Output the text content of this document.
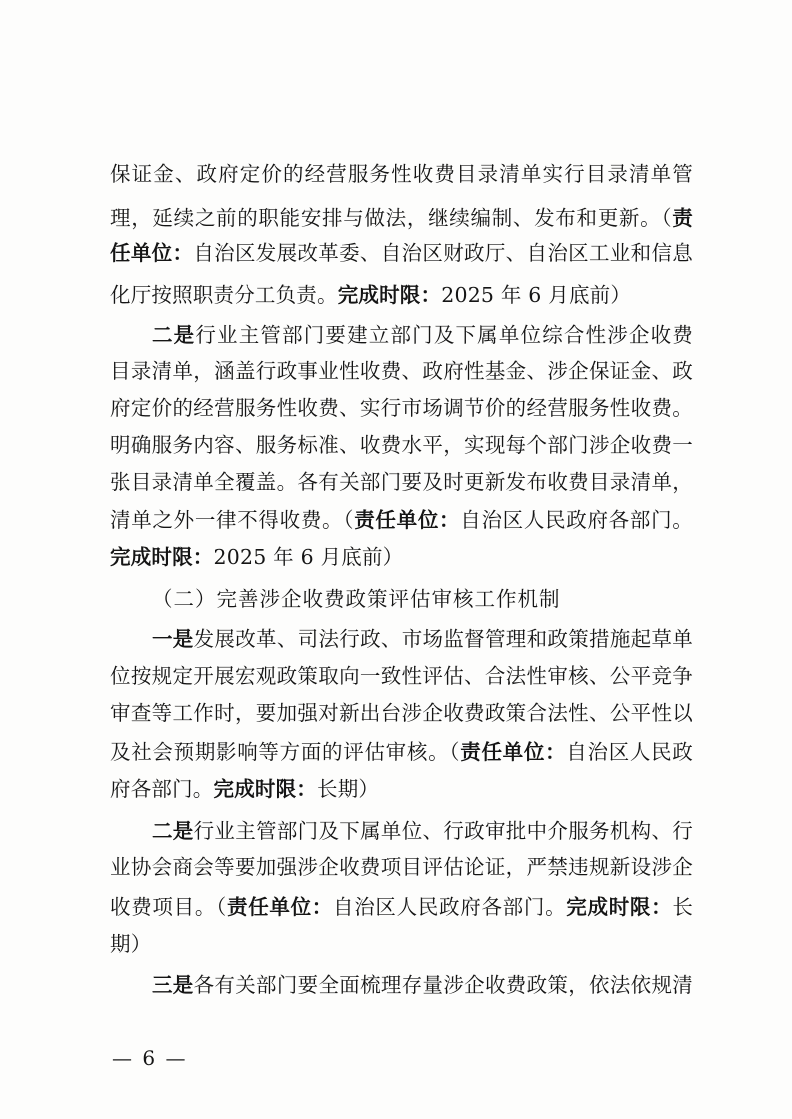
保证金、政府定价的经营服务性收费目录清单实行目录清单管
理，延续之前的职能安排与做法，继续编制、发布和更新。（责
任单位：自治区发展改革委、自治区财政厅、自治区工业和信息
化厅按照职责分工负责。完成时限：2025 年 6 月底前）
二是行业主管部门要建立部门及下属单位综合性涉企收费
目录清单，涵盖行政事业性收费、政府性基金、涉企保证金、政
府定价的经营服务性收费、实行市场调节价的经营服务性收费。
明确服务内容、服务标准、收费水平，实现每个部门涉企收费一
张目录清单全覆盖。各有关部门要及时更新发布收费目录清单，
清单之外一律不得收费。（责任单位：自治区人民政府各部门。
完成时限：2025 年 6 月底前）
（二）完善涉企收费政策评估审核工作机制
一是发展改革、司法行政、市场监督管理和政策措施起草单
位按规定开展宏观政策取向一致性评估、合法性审核、公平竞争
审查等工作时，要加强对新出台涉企收费政策合法性、公平性以
及社会预期影响等方面的评估审核。（责任单位：自治区人民政
府各部门。完成时限：长期）
二是行业主管部门及下属单位、行政审批中介服务机构、行
业协会商会等要加强涉企收费项目评估论证，严禁违规新设涉企
收费项目。（责任单位：自治区人民政府各部门。完成时限：长
期）
三是各有关部门要全面梳理存量涉企收费政策，依法依规清
— 6 —
